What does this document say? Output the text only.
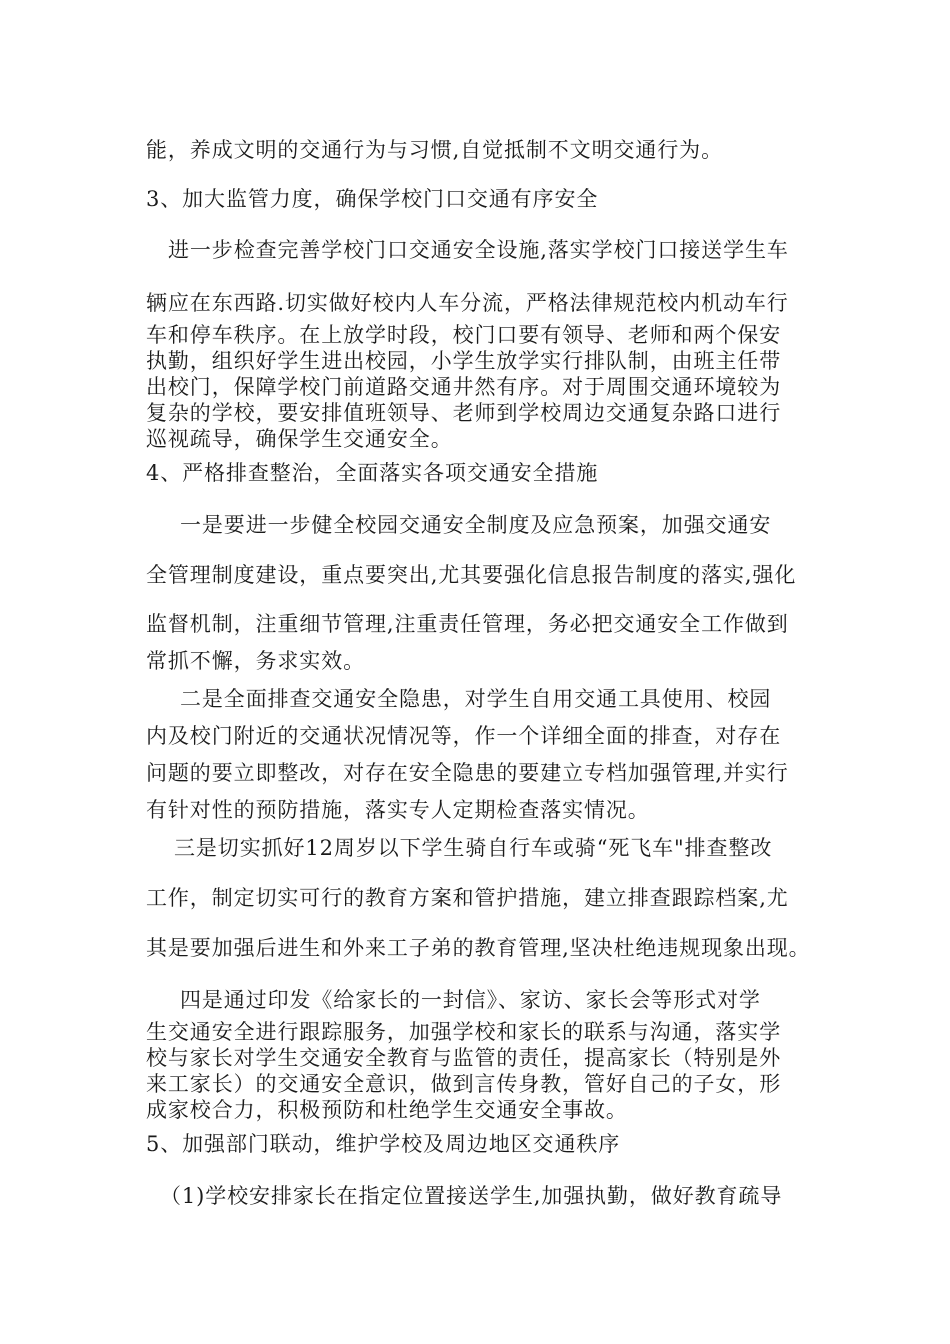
能，养成文明的交通行为与习惯,自觉抵制不文明交通行为。
3、加大监管力度，确保学校门口交通有序安全
进一步检查完善学校门口交通安全设施,落实学校门口接送学生车
辆应在东西路.切实做好校内人车分流，严格法律规范校内机动车行
车和停车秩序。在上放学时段，校门口要有领导、老师和两个保安
执勤，组织好学生进出校园，小学生放学实行排队制，由班主任带
出校门，保障学校门前道路交通井然有序。对于周围交通环境较为
复杂的学校，要安排值班领导、老师到学校周边交通复杂路口进行
巡视疏导，确保学生交通安全。
4、严格排查整治，全面落实各项交通安全措施
一是要进一步健全校园交通安全制度及应急预案，加强交通安
全管理制度建设，重点要突出,尤其要强化信息报告制度的落实,强化
监督机制，注重细节管理,注重责任管理，务必把交通安全工作做到
常抓不懈，务求实效。
二是全面排查交通安全隐患，对学生自用交通工具使用、校园
内及校门附近的交通状况情况等，作一个详细全面的排查，对存在
问题的要立即整改，对存在安全隐患的要建立专档加强管理,并实行
有针对性的预防措施，落实专人定期检查落实情况。
三是切实抓好12周岁以下学生骑自行车或骑“死飞车"排查整改
工作，制定切实可行的教育方案和管护措施，建立排查跟踪档案,尤
其是要加强后进生和外来工子弟的教育管理,坚决杜绝违规现象出现。
四是通过印发《给家长的一封信》、家访、家长会等形式对学
生交通安全进行跟踪服务，加强学校和家长的联系与沟通，落实学
校与家长对学生交通安全教育与监管的责任，提高家长（特别是外
来工家长）的交通安全意识，做到言传身教，管好自己的子女，形
成家校合力，积极预防和杜绝学生交通安全事故。
5、加强部门联动，维护学校及周边地区交通秩序
（1)学校安排家长在指定位置接送学生,加强执勤，做好教育疏导
